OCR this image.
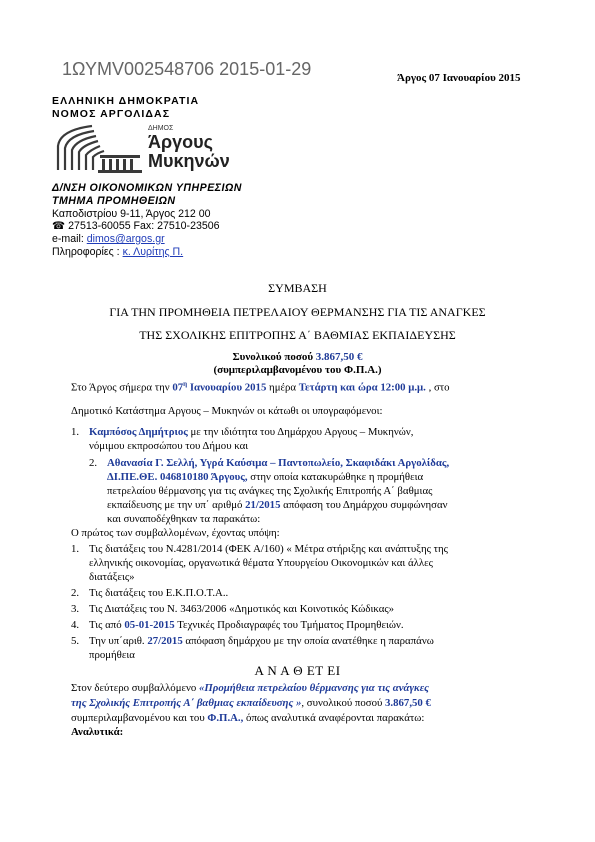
1ΩΥΜV002548706 2015-01-29	Άργος 07 Ιανουαρίου 2015
ΕΛΛΗΝΙΚΗ ΔΗΜΟΚΡΑΤΙΑ
ΝΟΜΟΣ ΑΡΓΟΛΙΔΑΣ
ΔΗΜΟΣ
Άργους
Μυκηνών
Δ/ΝΣΗ ΟΙΚΟΝΟΜΙΚΩΝ ΥΠΗΡΕΣΙΩΝ
ΤΜΗΜΑ ΠΡΟΜΗΘΕΙΩΝ
Καποδιστρίου 9-11, Άργος 212 00
☎ 27513-60055 Fax: 27510-23506
e-mail: dimos@argos.gr
Πληροφορίες : κ. Λυρίτης Π.
ΣΥΜΒΑΣΗ
ΓΙΑ ΤΗΝ ΠΡΟΜΗΘΕΙΑ ΠΕΤΡΕΛΑΙΟΥ ΘΕΡΜΑΝΣΗΣ ΓΙΑ ΤΙΣ ΑΝΑΓΚΕΣ
ΤΗΣ ΣΧΟΛΙΚΗΣ ΕΠΙΤΡΟΠΗΣ Α΄ ΒΑΘΜΙΑΣ ΕΚΠΑΙΔΕΥΣΗΣ
Συνολικού ποσού 3.867,50 €
(συμπεριλαμβανομένου του Φ.Π.Α.)
Στο Άργος σήμερα την $07^\eta$ Ιανουαρίου 2015 ημέρα Τετάρτη και ώρα 12:00 μ.μ. , στο
Δημοτικό Κατάστημα Αργους – Μυκηνών οι κάτωθι οι υπογραφόμενοι:
1. Καμπόσος Δημήτριος με την ιδιότητα του Δημάρχου Αργους – Μυκηνών,
νόμιμου εκπροσώπου του Δήμου και
2. Αθανασία Γ. Σελλή, Υγρά Καύσιμα – Παντοπωλείο, Σκαφιδάκι Αργολίδας,
ΔΙ.ΠΕ.ΘΕ. 046810180 Άργους, στην οποία κατακυρώθηκε η προμήθεια
πετρελαίου θέρμανσης για τις ανάγκες της Σχολικής Επιτροπής Α΄ βαθμιας
εκπαίδευσης με την υπ΄ αριθμό 21/2015 απόφαση του Δημάρχου συμφώνησαν
και συναποδέχθηκαν τα παρακάτω:
Ο πρώτος των συμβαλλομένων, έχοντας υπόψη:
1. Τις διατάξεις του Ν.4281/2014 (ΦΕΚ Α/160) « Μέτρα στήριξης και ανάπτυξης της
ελληνικής οικονομίας, οργανωτικά θέματα Υπουργείου Οικονομικών και άλλες
διατάξεις»
2. Τις διατάξεις του Ε.Κ.Π.Ο.Τ.Α..
3. Τις Διατάξεις του Ν. 3463/2006 «Δημοτικός και Κοινοτικός Κώδικας»
4. Τις από 05-01-2015 Τεχνικές Προδιαγραφές του Τμήματος Προμηθειών.
5. Την υπ΄αριθ. 27/2015 απόφαση δημάρχου με την οποία ανατέθηκε η παραπάνω
προμήθεια
Α Ν Α Θ ΕΤ ΕΙ
Στον δεύτερο συμβαλλόμενο «Προμήθεια πετρελαίου θέρμανσης για τις ανάγκες
της Σχολικής Επιτροπής Α΄ βαθμιας εκπαίδευσης », συνολικού ποσού 3.867,50 €
συμπεριλαμβανομένου και του Φ.Π.Α., όπως αναλυτικά αναφέρονται παρακάτω:
Αναλυτικά:
